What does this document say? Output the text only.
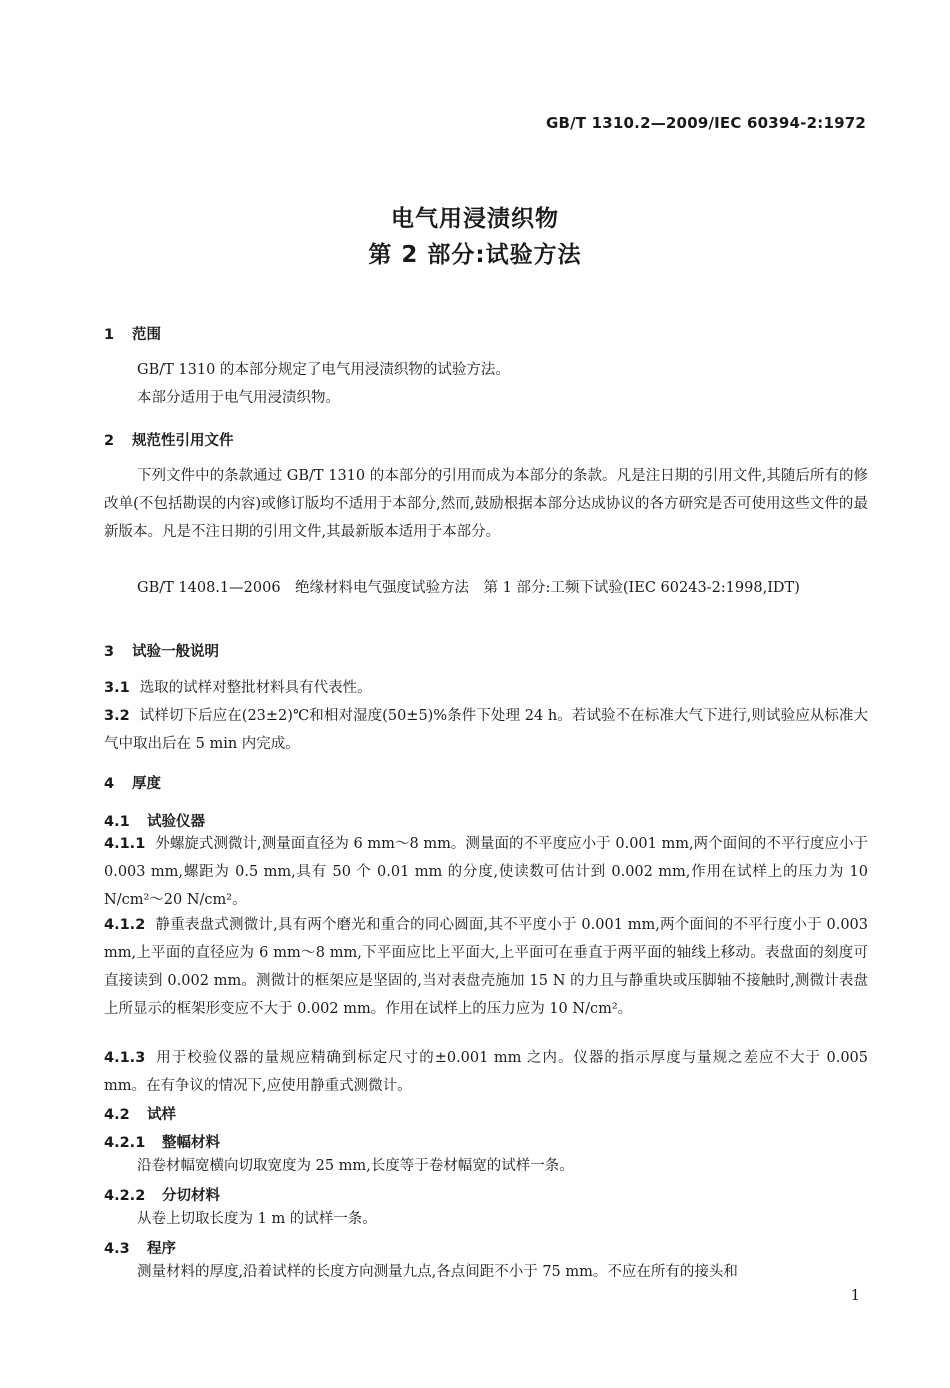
GB/T 1310.2—2009/IEC 60394-2:1972
电气用浸渍织物
第 2 部分:试验方法
1 范围
GB/T 1310 的本部分规定了电气用浸渍织物的试验方法。
本部分适用于电气用浸渍织物。
2 规范性引用文件
下列文件中的条款通过 GB/T 1310 的本部分的引用而成为本部分的条款。凡是注日期的引用文件,其随后所有的修改单(不包括勘误的内容)或修订版均不适用于本部分,然而,鼓励根据本部分达成协议的各方研究是否可使用这些文件的最新版本。凡是不注日期的引用文件,其最新版本适用于本部分。
GB/T 1408.1—2006　绝缘材料电气强度试验方法　第 1 部分:工频下试验(IEC 60243-2:1998,IDT)
3 试验一般说明
3.1 选取的试样对整批材料具有代表性。
3.2 试样切下后应在(23±2)℃和相对湿度(50±5)%条件下处理 24 h。若试验不在标准大气下进行,则试验应从标准大气中取出后在 5 min 内完成。
4 厚度
4.1 试验仪器
4.1.1 外螺旋式测微计,测量面直径为 6 mm～8 mm。测量面的不平度应小于 0.001 mm,两个面间的不平行度应小于 0.003 mm,螺距为 0.5 mm,具有 50 个 0.01 mm 的分度,使读数可估计到 0.002 mm,作用在试样上的压力为 10 N/cm²～20 N/cm²。
4.1.2 静重表盘式测微计,具有两个磨光和重合的同心圆面,其不平度小于 0.001 mm,两个面间的不平行度小于 0.003 mm,上平面的直径应为 6 mm～8 mm,下平面应比上平面大,上平面可在垂直于两平面的轴线上移动。表盘面的刻度可直接读到 0.002 mm。测微计的框架应是坚固的,当对表盘壳施加 15 N 的力且与静重块或压脚轴不接触时,测微计表盘上所显示的框架形变应不大于 0.002 mm。作用在试样上的压力应为 10 N/cm²。
4.1.3 用于校验仪器的量规应精确到标定尺寸的±0.001 mm 之内。仪器的指示厚度与量规之差应不大于 0.005 mm。在有争议的情况下,应使用静重式测微计。
4.2 试样
4.2.1 整幅材料
沿卷材幅宽横向切取宽度为 25 mm,长度等于卷材幅宽的试样一条。
4.2.2 分切材料
从卷上切取长度为 1 m 的试样一条。
4.3 程序
测量材料的厚度,沿着试样的长度方向测量九点,各点间距不小于 75 mm。不应在所有的接头和
1
